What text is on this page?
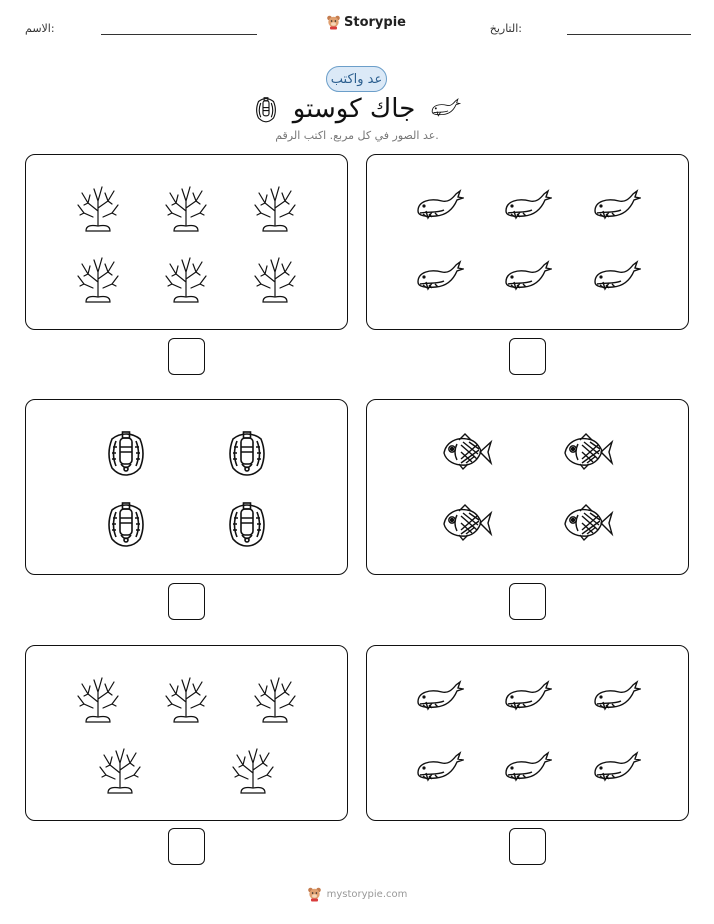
الاسم:	Storypie	التاريخ:
عد واكتب
جاك كوستو
عد الصور في كل مربع. اكتب الرقم.
mystorypie.com
